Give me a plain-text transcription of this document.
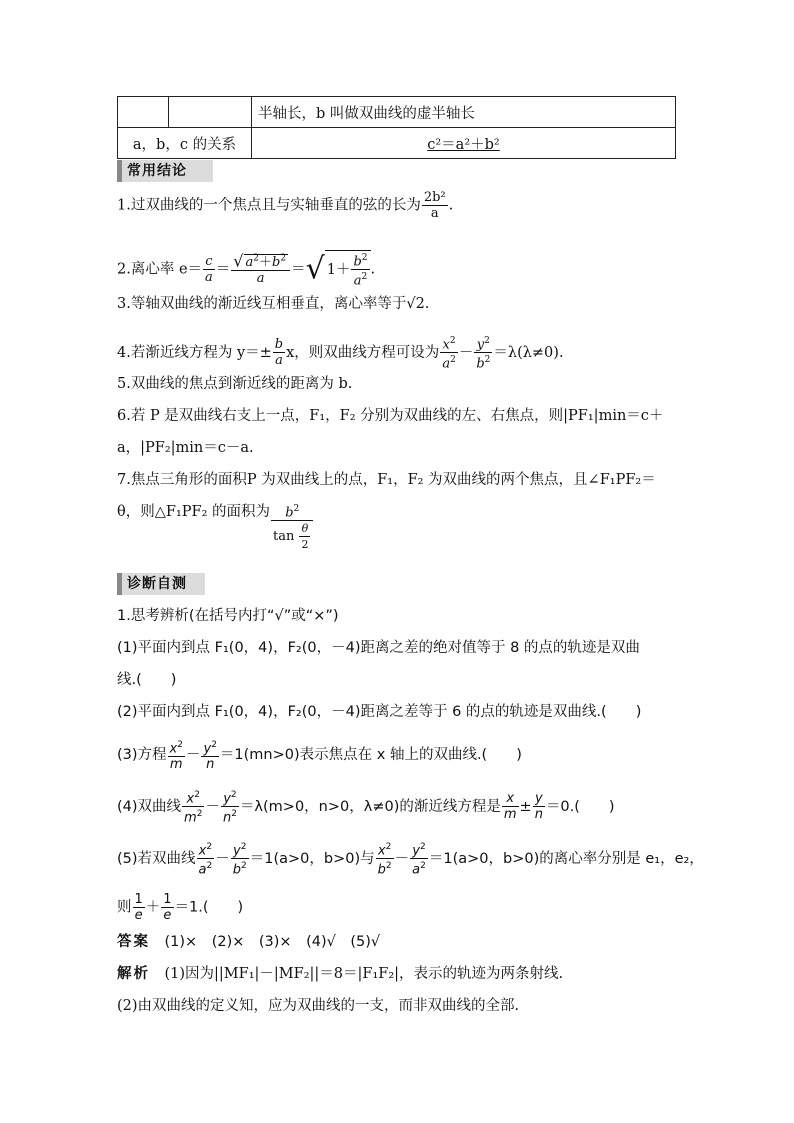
		半轴长，b 叫做双曲线的虚半轴长
a，b，c 的关系		c²＝a²＋b²
常用结论
1.过双曲线的一个焦点且与实轴垂直的弦的长为 $\frac{\text{2b²}}{a}$ .
2.离心率 $e= \frac{c}{a} = \frac{√ a^2+b^2}{a}$ ＝√ $1+ \frac{b^2}{a^2}$ .
3.等轴双曲线的渐近线互相垂直，离心率等于√2.
4.若渐近线方程为 $y=\pm \frac{b}{a}$ x，则双曲线方程可设为 $\frac{x^2}{a^2} - \frac{y^2}{b^2} =\lambda(\lambda\ne 0)$.
5.双曲线的焦点到渐近线的距离为 b.
6.若 P 是双曲线右支上一点，F₁，F₂ 分别为双曲线的左、右焦点，则|PF₁|min＝c＋
a，|PF₂|min＝c－a.
7.焦点三角形的面积P 为双曲线上的点，F₁，F₂ 为双曲线的两个焦点，且∠F₁PF₂＝
θ，则△F₁PF₂ 的面积为 $\frac{b^2}{\tan \frac{\theta}{2}}$
诊断自测
1.思考辨析(在括号内打“√”或“×”)
(1)平面内到点 F₁(0，4)，F₂(0，－4)距离之差的绝对值等于 8 的点的轨迹是双曲
线.(　　)
(2)平面内到点 F₁(0，4)，F₂(0，－4)距离之差等于 6 的点的轨迹是双曲线.(　　)
(3)方程 $\frac{x^2}{m} - \frac{y^2}{n} =1(mn>0)$表示焦点在 x 轴上的双曲线.(　　)
(4)双曲线 $\frac{x^2}{m^2} - \frac{y^2}{n^2} =\lambda(m>0$，n>0，λ≠0)的渐近线方程是 $\frac{x}{m} \pm \frac{y}{n} =0$.(　　)
(5)若双曲线 $\frac{x^2}{a^2} - \frac{y^2}{b^2} =1(a>0$，b>0)与 $\frac{x^2}{b^2} - \frac{y^2}{a^2} =1(a>0$，b>0)的离心率分别是 e₁，e₂，
则 $\frac{1}{e} + \frac{1}{e} =1$.(　　)
答案　 (1)×　(2)×　(3)×　(4)√　(5)√
解析　 (1)因为||MF₁|－|MF₂||＝8＝|F₁F₂|，表示的轨迹为两条射线.
(2)由双曲线的定义知，应为双曲线的一支，而非双曲线的全部.
